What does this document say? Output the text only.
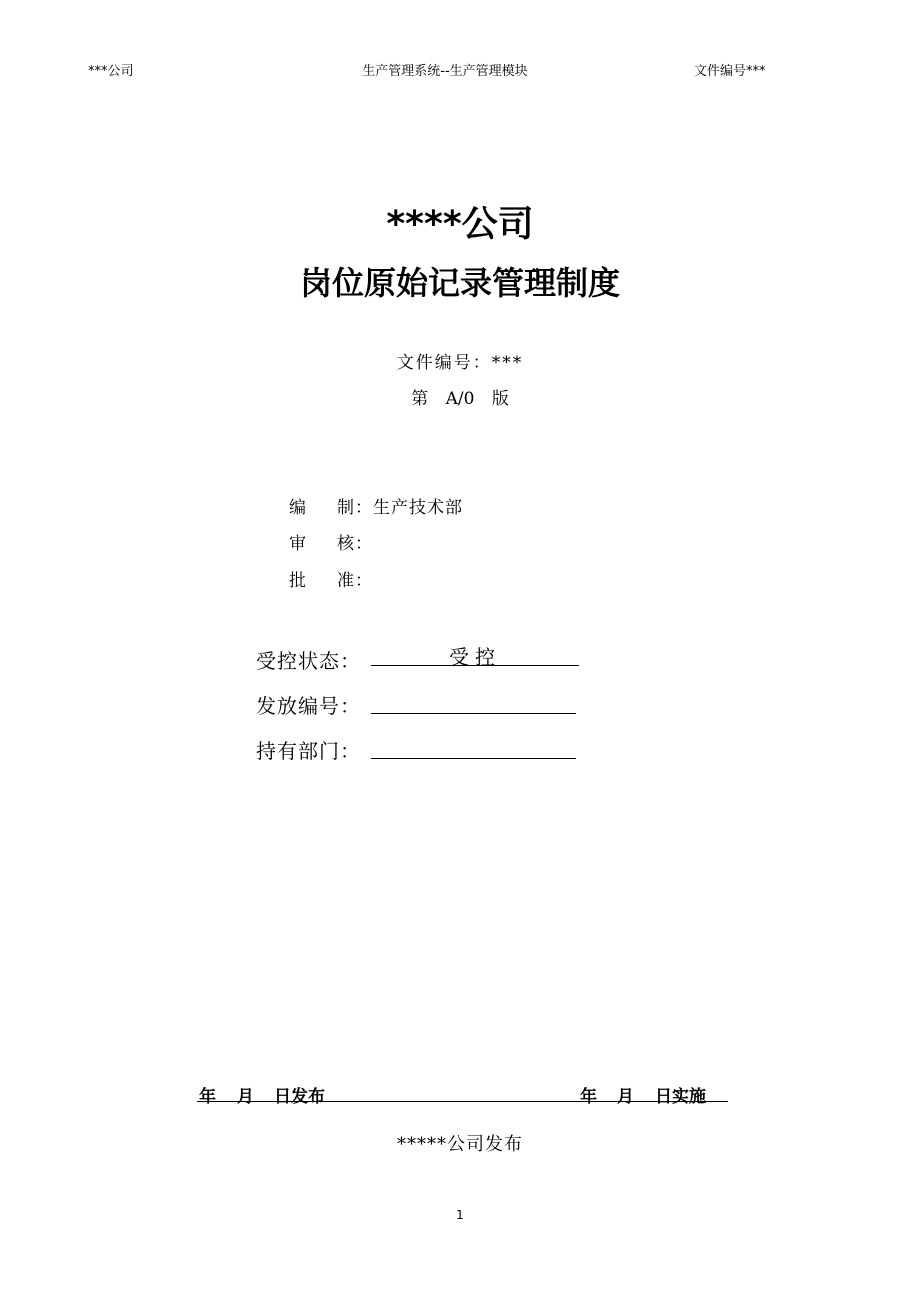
***公司	生产管理系统--生产管理模块	文件编号***
****公司
岗位原始记录管理制度
文件编号：***
第 A/0 版
编 制：生产技术部
审 核：
批 准：
受控状态：	受控
发放编号：
持有部门：
年 月 日发布	年 月 日实施
*****公司发布
1
